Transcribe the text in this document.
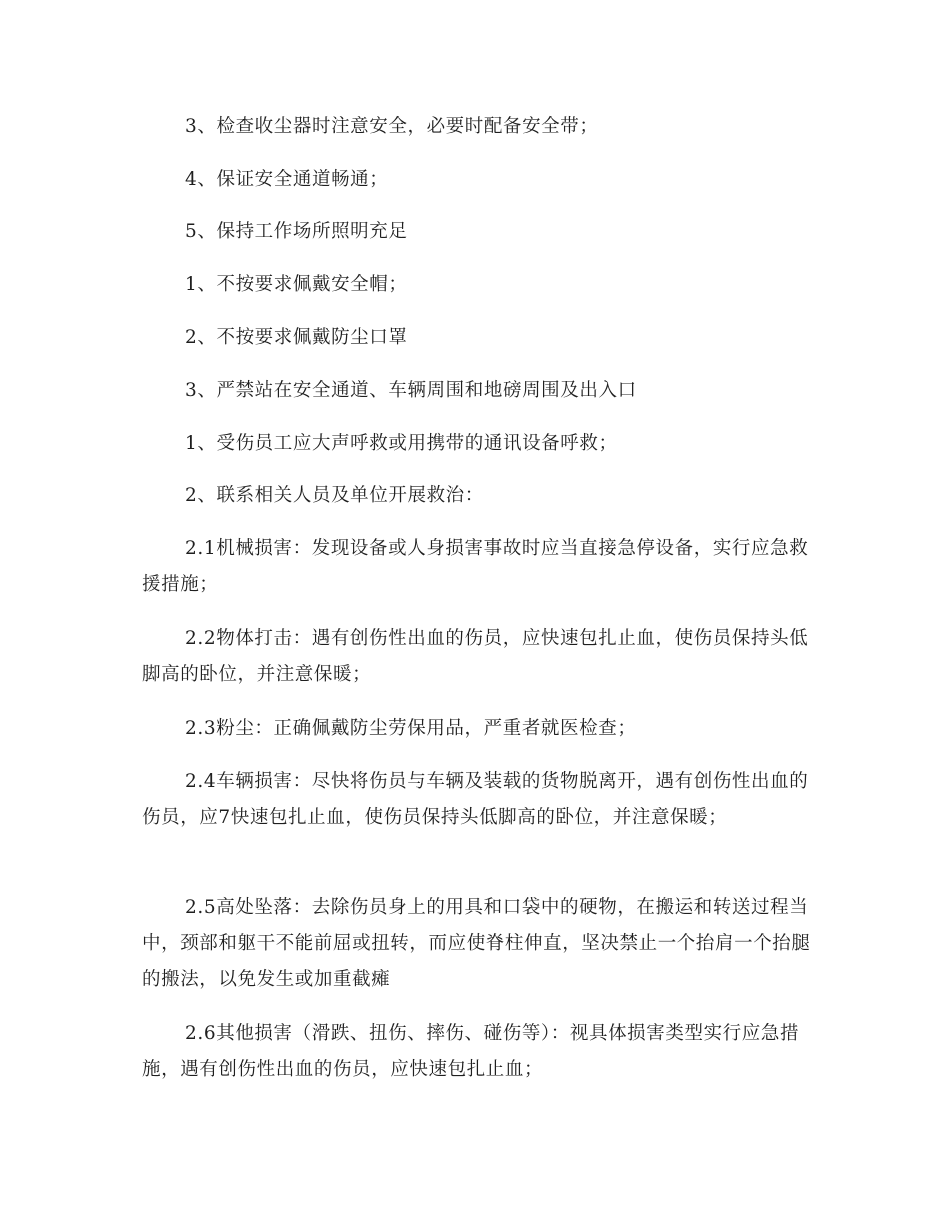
3、检查收尘器时注意安全，必要时配备安全带；

4、保证安全通道畅通；

5、保持工作场所照明充足

1、不按要求佩戴安全帽；

2、不按要求佩戴防尘口罩

3、严禁站在安全通道、车辆周围和地磅周围及出入口

1、受伤员工应大声呼救或用携带的通讯设备呼救；

2、联系相关人员及单位开展救治：

2.1机械损害：发现设备或人身损害事故时应当直接急停设备，实行应急救援措施；

2.2物体打击：遇有创伤性出血的伤员，应快速包扎止血，使伤员保持头低脚高的卧位，并注意保暖；

2.3粉尘：正确佩戴防尘劳保用品，严重者就医检查；

2.4车辆损害：尽快将伤员与车辆及装载的货物脱离开，遇有创伤性出血的伤员，应7快速包扎止血，使伤员保持头低脚高的卧位，并注意保暖；

2.5高处坠落：去除伤员身上的用具和口袋中的硬物，在搬运和转送过程当中，颈部和躯干不能前屈或扭转，而应使脊柱伸直，坚决禁止一个抬肩一个抬腿的搬法，以免发生或加重截瘫

2.6其他损害（滑跌、扭伤、摔伤、碰伤等）：视具体损害类型实行应急措施，遇有创伤性出血的伤员，应快速包扎止血；
